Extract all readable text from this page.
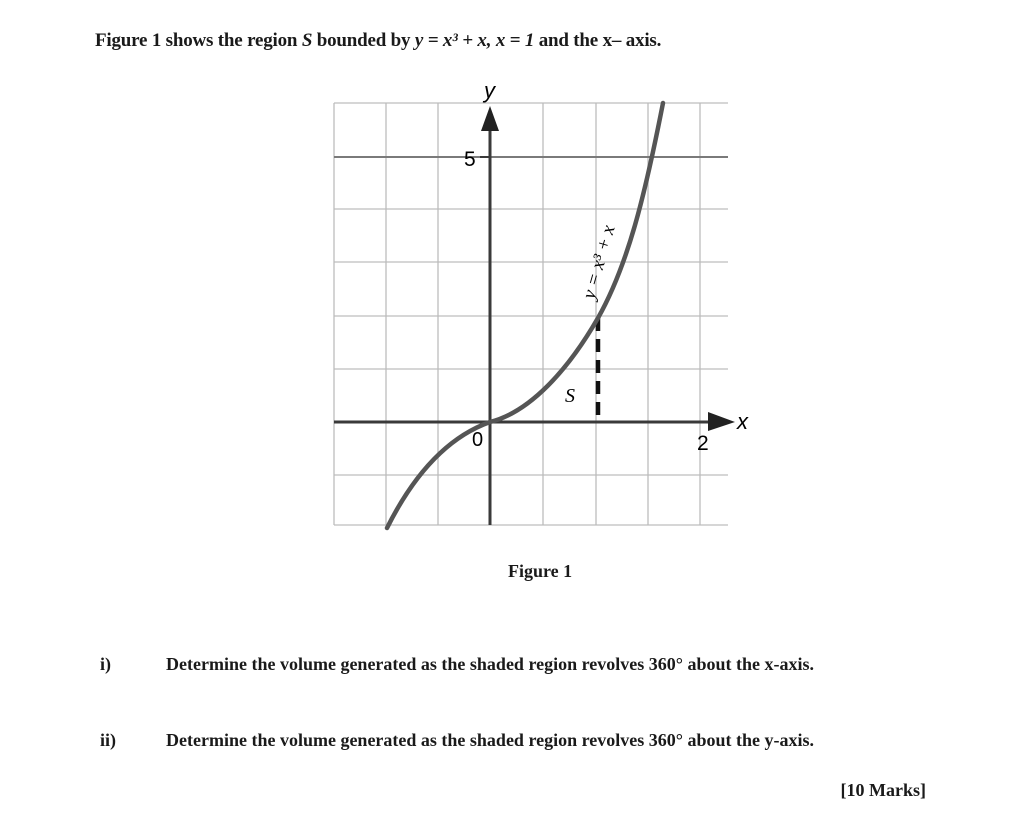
Figure 1 shows the region S bounded by y = x³ + x, x = 1 and the x– axis.
y
x
5
2
0
S
y = x³ + x
Figure 1
i)	Determine the volume generated as the shaded region revolves 360° about the x-axis.
ii)	Determine the volume generated as the shaded region revolves 360° about the y-axis.
[10 Marks]
